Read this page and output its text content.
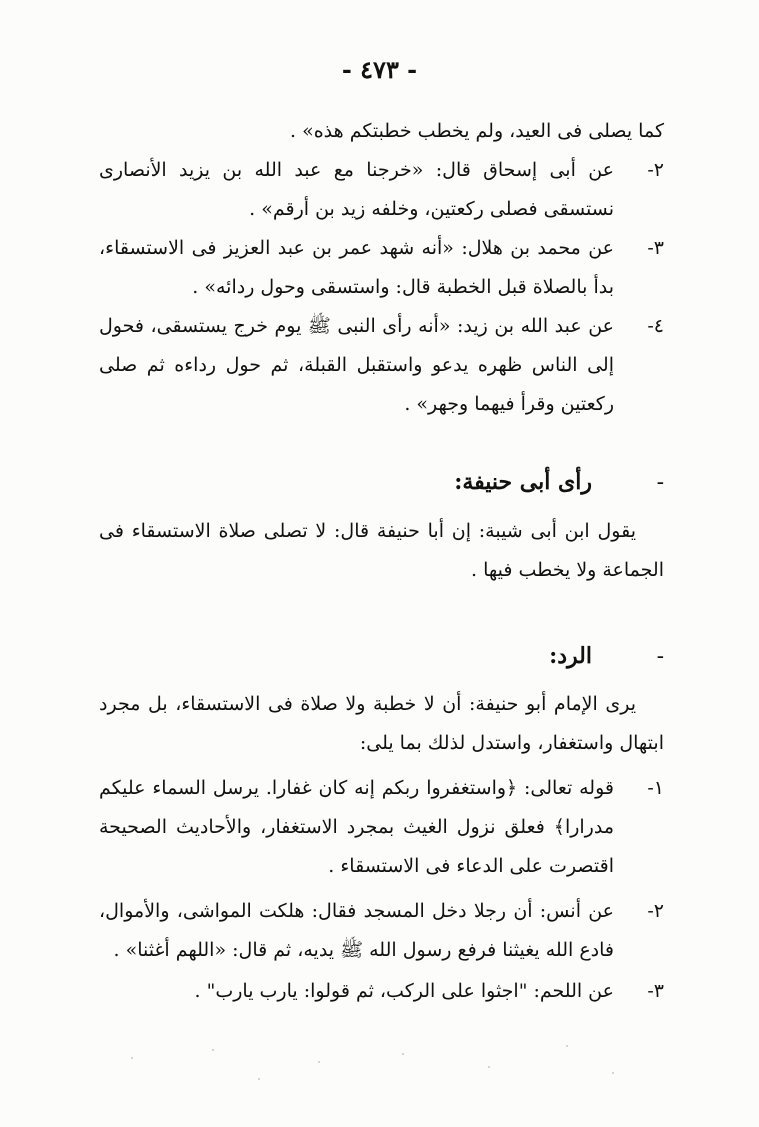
- ٤٧٣ -
كما يصلى فى العيد، ولم يخطب خطبتكم هذه» .
٢-
عن أبى إسحاق قال: «خرجنا مع عبد الله بن يزيد الأنصارى نستسقى فصلى ركعتين، وخلفه زيد بن أرقم» .
٣-
عن محمد بن هلال: «أنه شهد عمر بن عبد العزيز فى الاستسقاء، بدأ بالصلاة قبل الخطبة قال: واستسقى وحول ردائه» .
٤-
عن عبد الله بن زيد: «أنه رأى النبى ﷺ يوم خرج يستسقى، فحول إلى الناس ظهره يدعو واستقبل القبلة، ثم حول رداءه ثم صلى ركعتين وقرأ فيهما وجهر» .
-رأى أبى حنيفة:
يقول ابن أبى شيبة: إن أبا حنيفة قال: لا تصلى صلاة الاستسقاء فى الجماعة ولا يخطب فيها .
-الرد:
يرى الإمام أبو حنيفة: أن لا خطبة ولا صلاة فى الاستسقاء، بل مجرد ابتهال واستغفار، واستدل لذلك بما يلى:
١-
قوله تعالى: ﴿واستغفروا ربكم إنه كان غفارا. يرسل السماء عليكم مدرارا﴾ فعلق نزول الغيث بمجرد الاستغفار، والأحاديث الصحيحة اقتصرت على الدعاء فى الاستسقاء .
٢-
عن أنس: أن رجلا دخل المسجد فقال: هلكت المواشى، والأموال، فادع الله يغيثنا فرفع رسول الله ﷺ يديه، ثم قال: «اللهم أغثنا» .
٣-
عن اللحم: "اجثوا على الركب، ثم قولوا: يارب يارب" .
